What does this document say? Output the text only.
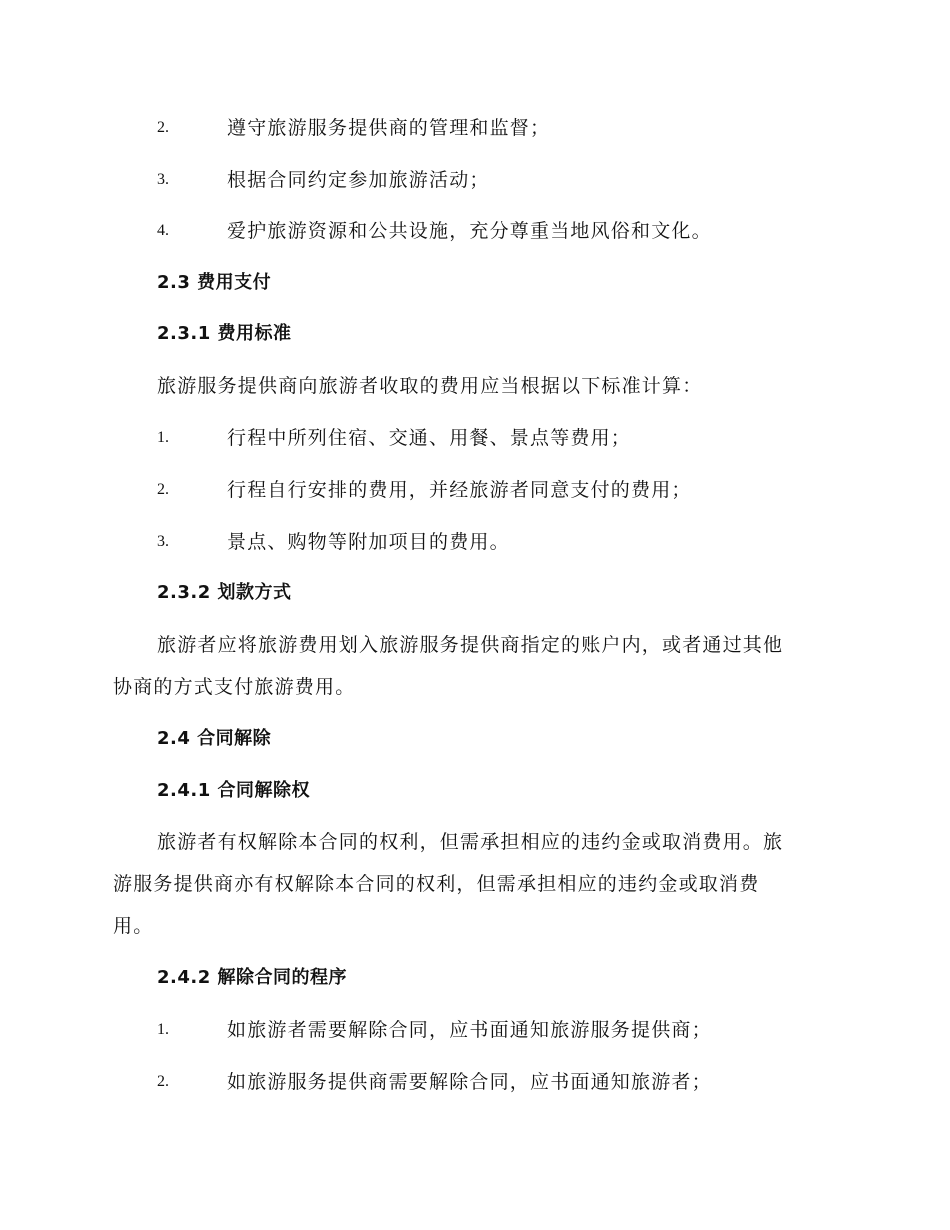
2.	遵守旅游服务提供商的管理和监督；
3.	根据合同约定参加旅游活动；
4.	爱护旅游资源和公共设施，充分尊重当地风俗和文化。
2.3 费用支付
2.3.1 费用标准
旅游服务提供商向旅游者收取的费用应当根据以下标准计算：
1.	行程中所列住宿、交通、用餐、景点等费用；
2.	行程自行安排的费用，并经旅游者同意支付的费用；
3.	景点、购物等附加项目的费用。
2.3.2 划款方式
旅游者应将旅游费用划入旅游服务提供商指定的账户内，或者通过其他
协商的方式支付旅游费用。
2.4 合同解除
2.4.1 合同解除权
旅游者有权解除本合同的权利，但需承担相应的违约金或取消费用。旅
游服务提供商亦有权解除本合同的权利，但需承担相应的违约金或取消费
用。
2.4.2 解除合同的程序
1.	如旅游者需要解除合同，应书面通知旅游服务提供商；
2.	如旅游服务提供商需要解除合同，应书面通知旅游者；
